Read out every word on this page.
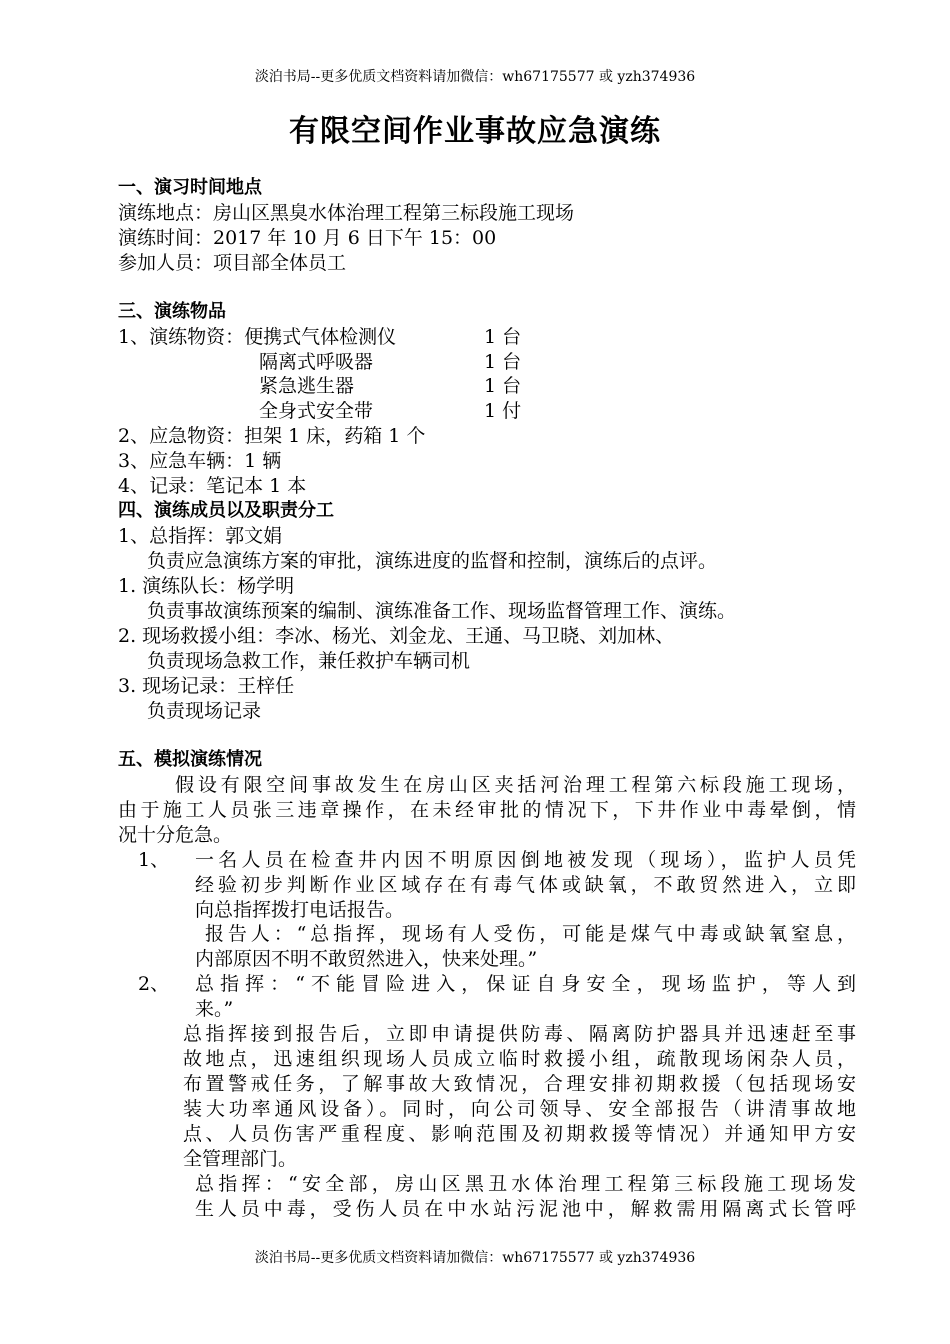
淡泊书局--更多优质文档资料请加微信：wh67175577 或 yzh374936
有限空间作业事故应急演练
一、演习时间地点
演练地点：房山区黑臭水体治理工程第三标段施工现场
演练时间：2017 年 10 月 6 日下午 15：00
参加人员：项目部全体员工
三、演练物品
1、演练物资：便携式气体检测仪	1 台
隔离式呼吸器	1 台
紧急逃生器	1 台
全身式安全带	1 付
2、应急物资：担架 1 床，药箱 1 个
3、应急车辆：1 辆
4、记录：笔记本 1 本
四、演练成员以及职责分工
1、总指挥：郭文娟
负责应急演练方案的审批，演练进度的监督和控制，演练后的点评。
1. 演练队长：杨学明
负责事故演练预案的编制、演练准备工作、现场监督管理工作、演练。
2. 现场救援小组：李冰、杨光、刘金龙、王通、马卫晓、刘加林、
负责现场急救工作，兼任救护车辆司机
3. 现场记录：王梓任
负责现场记录
五、模拟演练情况
假设有限空间事故发生在房山区夹括河治理工程第六标段施工现场，
由于施工人员张三违章操作，在未经审批的情况下，下井作业中毒晕倒，情
况十分危急。
1、 一名人员在检查井内因不明原因倒地被发现（现场），监护人员凭
经验初步判断作业区域存在有毒气体或缺氧，不敢贸然进入，立即
向总指挥拨打电话报告。
报告人：“总指挥，现场有人受伤，可能是煤气中毒或缺氧窒息，
内部原因不明不敢贸然进入，快来处理。”
2、 总指挥：“不能冒险进入，保证自身安全，现场监护，等人到
来。”
总指挥接到报告后，立即申请提供防毒、隔离防护器具并迅速赶至事
故地点，迅速组织现场人员成立临时救援小组，疏散现场闲杂人员，
布置警戒任务，了解事故大致情况，合理安排初期救援（包括现场安
装大功率通风设备）。同时，向公司领导、安全部报告（讲清事故地
点、人员伤害严重程度、影响范围及初期救援等情况）并通知甲方安
全管理部门。
总指挥：“安全部，房山区黑丑水体治理工程第三标段施工现场发
生人员中毒，受伤人员在中水站污泥池中，解救需用隔离式长管呼
淡泊书局--更多优质文档资料请加微信：wh67175577 或 yzh374936
